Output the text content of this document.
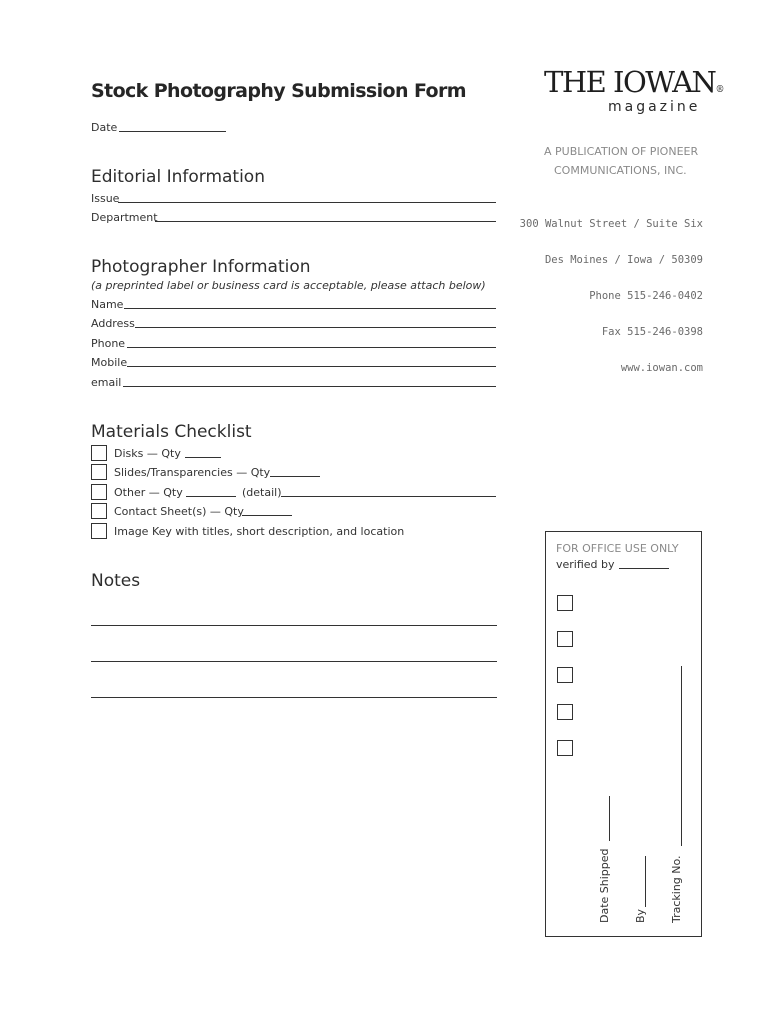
Stock Photography Submission Form
Date
Editorial Information
Issue
Department
Photographer Information
(a preprinted label or business card is acceptable, please attach below)
Name
Address
Phone
Mobile
email
Materials Checklist
Disks — Qty
Slides/Transparencies — Qty
Other — Qty	(detail)
Contact Sheet(s) — Qty
Image Key with titles, short description, and location
Notes
THE IOWAN®
magazine
A PUBLICATION OF PIONEER
COMMUNICATIONS, INC.
300 Walnut Street / Suite Six
Des Moines / Iowa / 50309
Phone 515-246-0402
Fax 515-246-0398
www.iowan.com
FOR OFFICE USE ONLY
verified by
Date Shipped By Tracking No.
